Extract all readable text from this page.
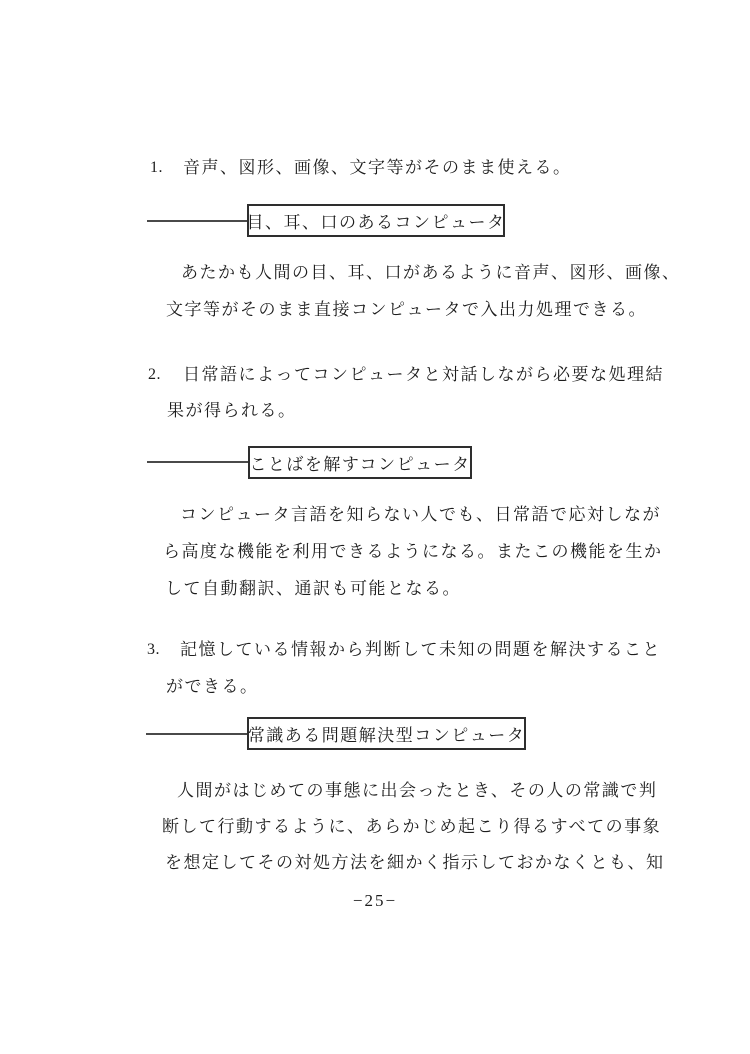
1. 音声、図形、画像、文字等がそのまま使える。
目、耳、口のあるコンピュータ
あたかも人間の目、耳、口があるように音声、図形、画像、
文字等がそのまま直接コンピュータで入出力処理できる。
2. 日常語によってコンピュータと対話しながら必要な処理結
果が得られる。
ことばを解すコンピュータ
コンピュータ言語を知らない人でも、日常語で応対しなが
ら高度な機能を利用できるようになる。またこの機能を生か
して自動翻訳、通訳も可能となる。
3. 記憶している情報から判断して未知の問題を解決すること
ができる。
常識ある問題解決型コンピュータ
人間がはじめての事態に出会ったとき、その人の常識で判
断して行動するように、あらかじめ起こり得るすべての事象
を想定してその対処方法を細かく指示しておかなくとも、知
−25−
